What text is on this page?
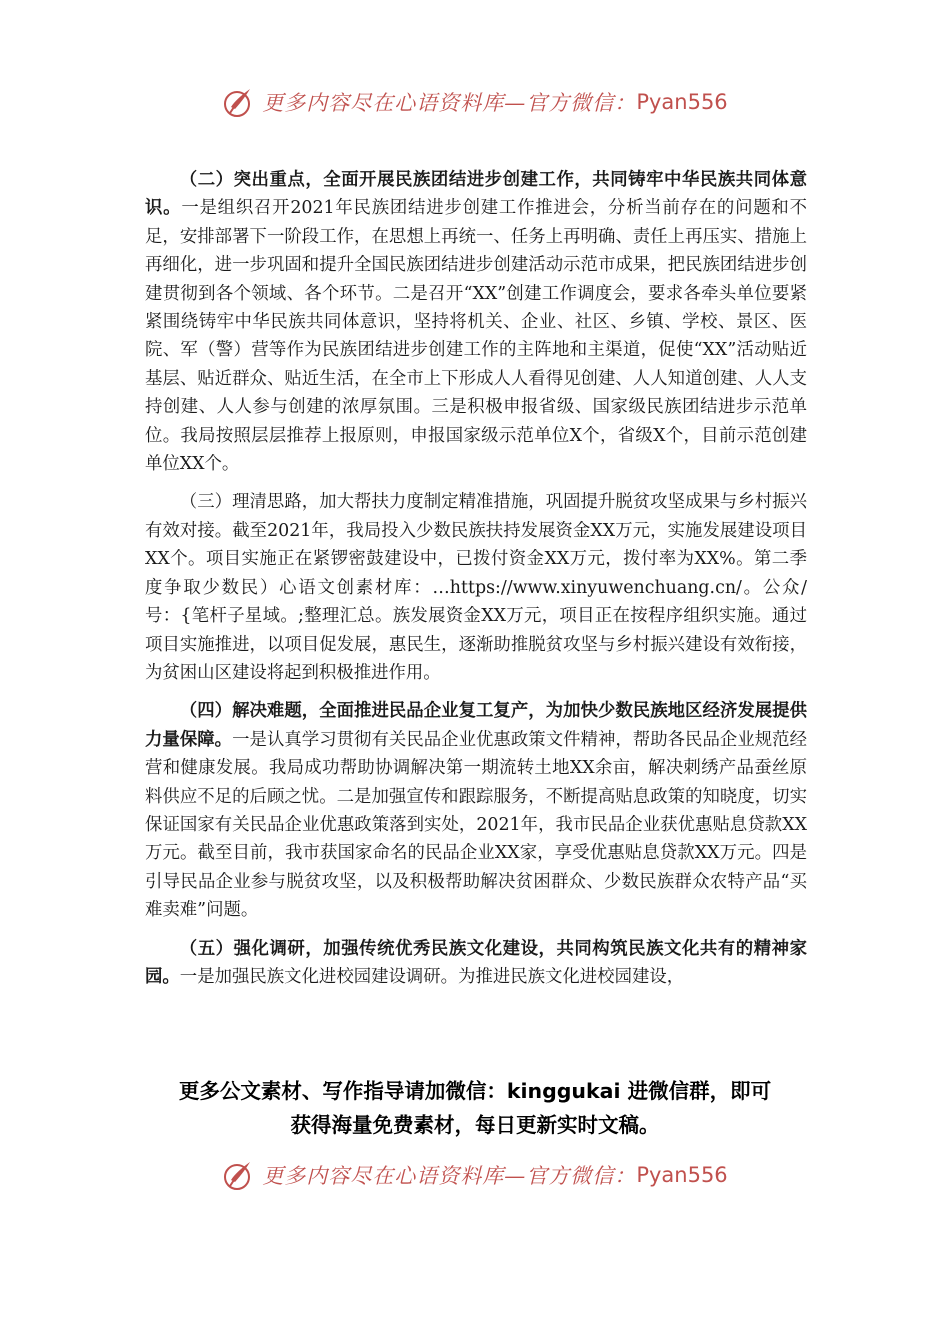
更多内容尽在心语资料库—官方微信： Pyan556

（二）突出重点，全面开展民族团结进步创建工作，共同铸牢中华民族共同体意识。一是组织召开2021年民族团结进步创建工作推进会，分析当前存在的问题和不足，安排部署下一阶段工作，在思想上再统一、任务上再明确、责任上再压实、措施上再细化，进一步巩固和提升全国民族团结进步创建活动示范市成果，把民族团结进步创建贯彻到各个领域、各个环节。二是召开“XX”创建工作调度会，要求各牵头单位要紧紧围绕铸牢中华民族共同体意识，坚持将机关、企业、社区、乡镇、学校、景区、医院、军（警）营等作为民族团结进步创建工作的主阵地和主渠道，促使“XX”活动贴近基层、贴近群众、贴近生活，在全市上下形成人人看得见创建、人人知道创建、人人支持创建、人人参与创建的浓厚氛围。三是积极申报省级、国家级民族团结进步示范单位。我局按照层层推荐上报原则，申报国家级示范单位X个，省级X个，目前示范创建单位XX个。

（三）理清思路，加大帮扶力度制定精准措施，巩固提升脱贫攻坚成果与乡村振兴有效对接。截至2021年，我局投入少数民族扶持发展资金XX万元，实施发展建设项目XX个。项目实施正在紧锣密鼓建设中，已拨付资金XX万元，拨付率为XX%。第二季度争取少数民）心语文创素材库：…https://www.xinyuwenchuang.cn/。公众/号：{笔杆子星域。;整理汇总。族发展资金XX万元，项目正在按程序组织实施。通过项目实施推进，以项目促发展，惠民生，逐渐助推脱贫攻坚与乡村振兴建设有效衔接，为贫困山区建设将起到积极推进作用。

（四）解决难题，全面推进民品企业复工复产，为加快少数民族地区经济发展提供力量保障。一是认真学习贯彻有关民品企业优惠政策文件精神，帮助各民品企业规范经营和健康发展。我局成功帮助协调解决第一期流转土地XX余亩，解决刺绣产品蚕丝原料供应不足的后顾之忧。二是加强宣传和跟踪服务，不断提高贴息政策的知晓度，切实保证国家有关民品企业优惠政策落到实处，2021年，我市民品企业获优惠贴息贷款XX万元。截至目前，我市获国家命名的民品企业XX家，享受优惠贴息贷款XX万元。四是引导民品企业参与脱贫攻坚，以及积极帮助解决贫困群众、少数民族群众农特产品“买难卖难”问题。

（五）强化调研，加强传统优秀民族文化建设，共同构筑民族文化共有的精神家园。一是加强民族文化进校园建设调研。为推进民族文化进校园建设，

更多公文素材、写作指导请加微信：kinggukai 进微信群，即可
获得海量免费素材，每日更新实时文稿。
更多内容尽在心语资料库—官方微信： Pyan556
